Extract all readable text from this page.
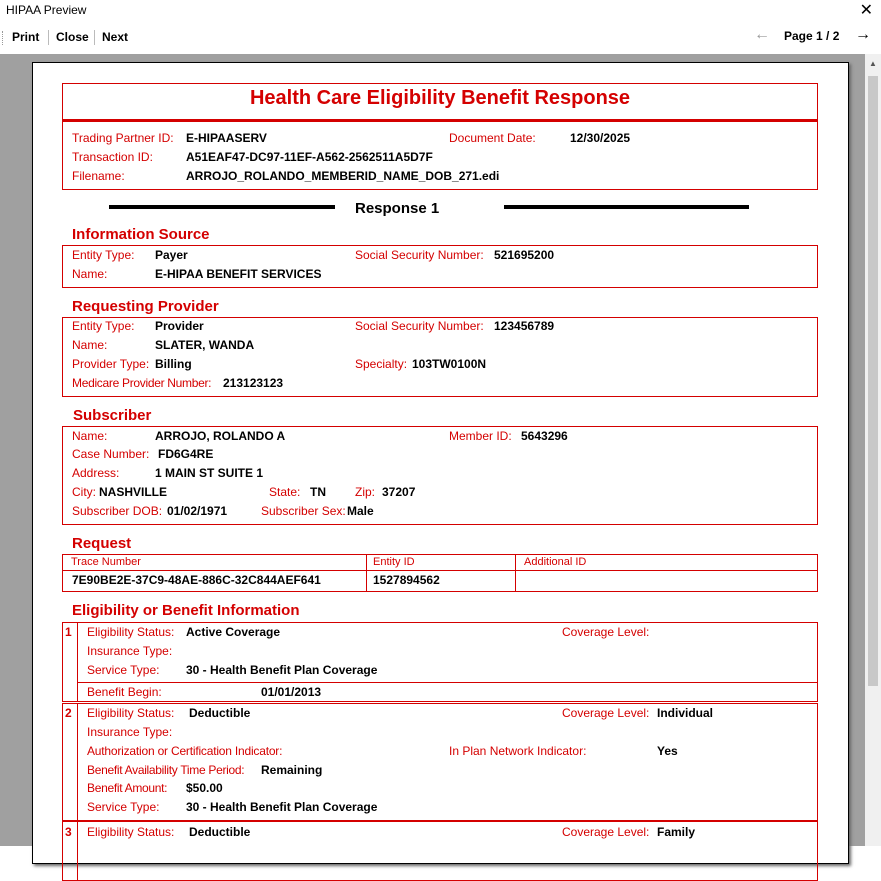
HIPAA Preview	✕
Print Close Next	← Page 1 / 2 →
▲
Health Care Eligibility Benefit Response
Trading Partner ID: E-HIPAASERV	Document Date:	12/30/2025
Transaction ID:	A51EAF47-DC97-11EF-A562-2562511A5D7F
Filename:	ARROJO_ROLANDO_MEMBERID_NAME_DOB_271.edi
Response 1
Information Source
Entity Type: Payer	Social Security Number: 521695200
Name:	E-HIPAA BENEFIT SERVICES
Requesting Provider
Entity Type: Provider	Social Security Number: 123456789
Name:	SLATER, WANDA
Provider Type: Billing	Specialty: 103TW0100N
Medicare Provider Number: 213123123
Subscriber
Name:	ARROJO, ROLANDO A	Member ID: 5643296
Case Number: FD6G4RE
Address:	1 MAIN ST SUITE 1
City: NASHVILLE	State: TN Zip: 37207
Subscriber DOB: 01/02/1971	Subscriber Sex: Male
Request
Trace Number	Entity ID	Additional ID
7E90BE2E-37C9-48AE-886C-32C844AEF641	1527894562
Eligibility or Benefit Information
1 Eligibility Status: Active Coverage	Coverage Level:
Insurance Type:
Service Type: 30 - Health Benefit Plan Coverage
Benefit Begin:	01/01/2013
2 Eligibility Status: Deductible	Coverage Level: Individual
Insurance Type:
Authorization or Certification Indicator:	In Plan Network Indicator:	Yes
Benefit Availability Time Period: Remaining
Benefit Amount: $50.00
Service Type: 30 - Health Benefit Plan Coverage
3 Eligibility Status: Deductible	Coverage Level: Family
